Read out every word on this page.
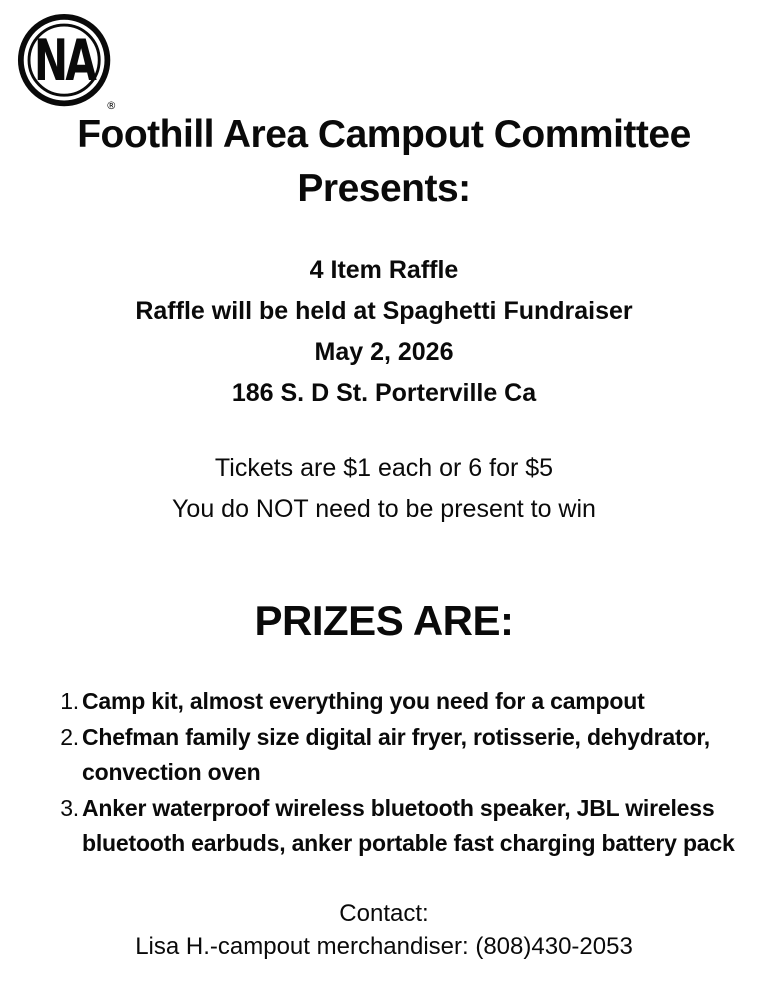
NA
®
Foothill Area Campout Committee
Presents:
4 Item Raffle
Raffle will be held at Spaghetti Fundraiser
May 2, 2026
186 S. D St. Porterville Ca
Tickets are $1 each or 6 for $5
You do NOT need to be present to win
PRIZES ARE:
1. Camp kit, almost everything you need for a campout
2. Chefman family size digital air fryer, rotisserie, dehydrator, convection oven
3. Anker waterproof wireless bluetooth speaker, JBL wireless bluetooth earbuds, anker portable fast charging battery pack
Contact:
Lisa H.-campout merchandiser: (808)430-2053
